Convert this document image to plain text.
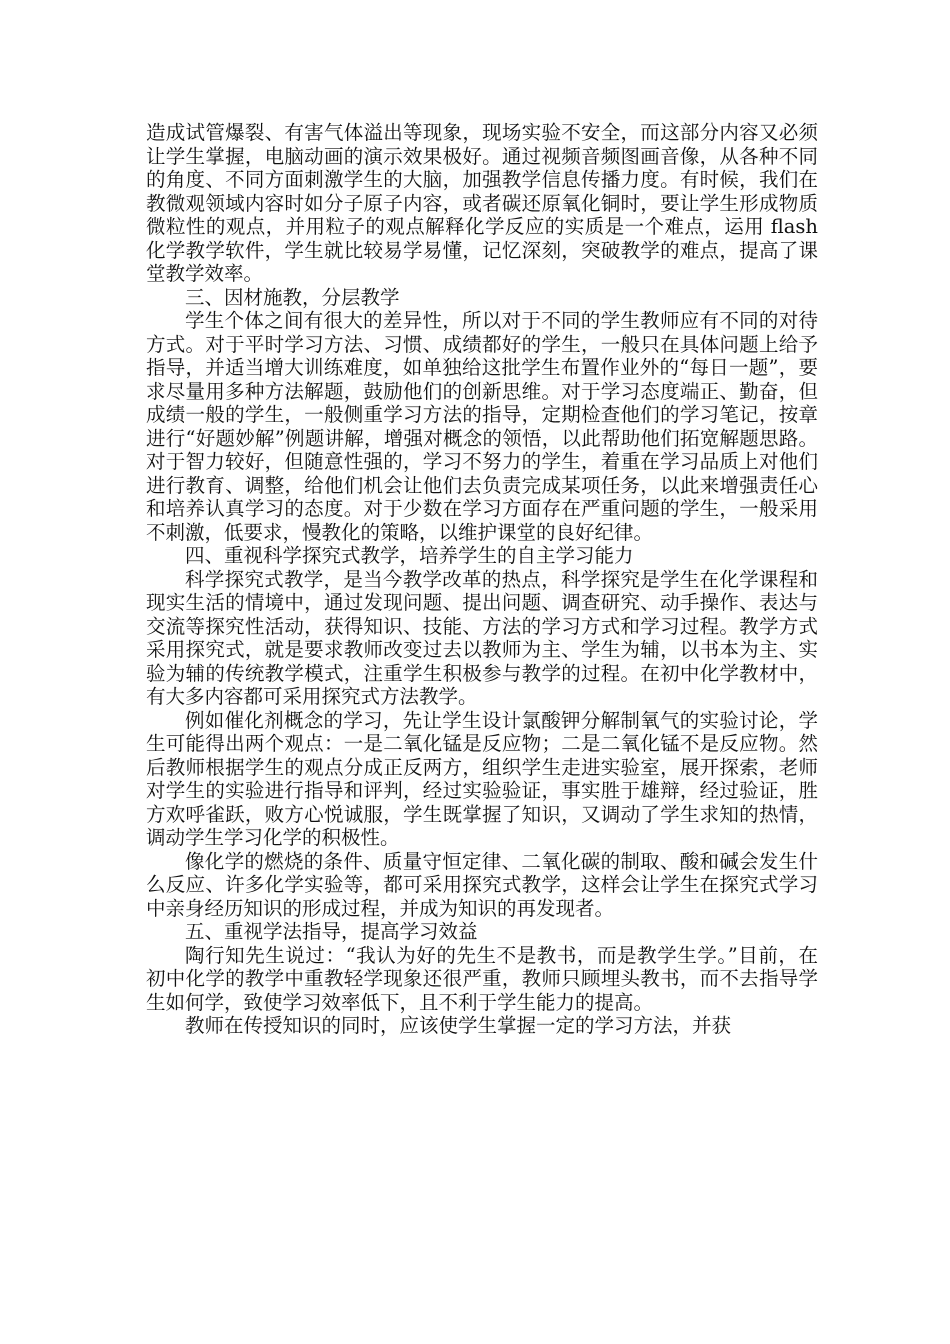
造成试管爆裂、有害气体溢出等现象，现场实验不安全，而这部分内容又必须让学生掌握，电脑动画的演示效果极好。通过视频音频图画音像，从各种不同的角度、不同方面刺激学生的大脑，加强教学信息传播力度。有时候，我们在教微观领域内容时如分子原子内容，或者碳还原氧化铜时，要让学生形成物质微粒性的观点，并用粒子的观点解释化学反应的实质是一个难点，运用 flash 化学教学软件，学生就比较易学易懂，记忆深刻，突破教学的难点，提高了课堂教学效率。

三、因材施教，分层教学

学生个体之间有很大的差异性，所以对于不同的学生教师应有不同的对待方式。对于平时学习方法、习惯、成绩都好的学生，一般只在具体问题上给予指导，并适当增大训练难度，如单独给这批学生布置作业外的“每日一题”，要求尽量用多种方法解题，鼓励他们的创新思维。对于学习态度端正、勤奋，但成绩一般的学生，一般侧重学习方法的指导，定期检查他们的学习笔记，按章进行“好题妙解”例题讲解，增强对概念的领悟，以此帮助他们拓宽解题思路。对于智力较好，但随意性强的，学习不努力的学生，着重在学习品质上对他们进行教育、调整，给他们机会让他们去负责完成某项任务，以此来增强责任心和培养认真学习的态度。对于少数在学习方面存在严重问题的学生，一般采用不刺激，低要求，慢教化的策略，以维护课堂的良好纪律。

四、重视科学探究式教学，培养学生的自主学习能力

科学探究式教学，是当今教学改革的热点，科学探究是学生在化学课程和现实生活的情境中，通过发现问题、提出问题、调查研究、动手操作、表达与交流等探究性活动，获得知识、技能、方法的学习方式和学习过程。教学方式采用探究式，就是要求教师改变过去以教师为主、学生为辅，以书本为主、实验为辅的传统教学模式，注重学生积极参与教学的过程。在初中化学教材中，有大多内容都可采用探究式方法教学。

例如催化剂概念的学习，先让学生设计氯酸钾分解制氧气的实验讨论，学生可能得出两个观点：一是二氧化锰是反应物；二是二氧化锰不是反应物。然后教师根据学生的观点分成正反两方，组织学生走进实验室，展开探索，老师对学生的实验进行指导和评判，经过实验验证，事实胜于雄辩，经过验证，胜方欢呼雀跃，败方心悦诚服，学生既掌握了知识，又调动了学生求知的热情，调动学生学习化学的积极性。

像化学的燃烧的条件、质量守恒定律、二氧化碳的制取、酸和碱会发生什么反应、许多化学实验等，都可采用探究式教学，这样会让学生在探究式学习中亲身经历知识的形成过程，并成为知识的再发现者。

五、重视学法指导，提高学习效益

陶行知先生说过：“我认为好的先生不是教书，而是教学生学。”目前，在初中化学的教学中重教轻学现象还很严重，教师只顾埋头教书，而不去指导学生如何学，致使学习效率低下，且不利于学生能力的提高。

教师在传授知识的同时，应该使学生掌握一定的学习方法，并获
